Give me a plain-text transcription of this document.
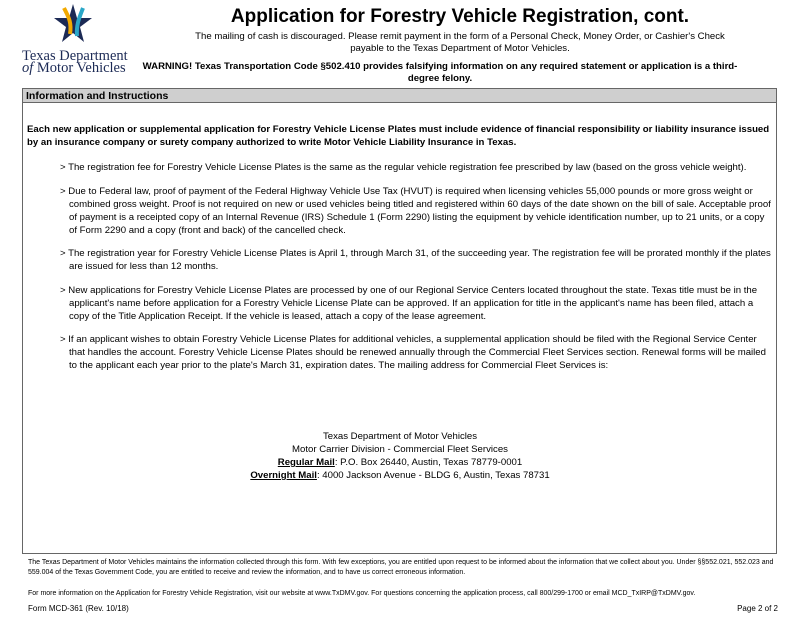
Texas Department
of Motor Vehicles
Application for Forestry Vehicle Registration, cont.
The mailing of cash is discouraged. Please remit payment in the form of a Personal Check, Money Order, or Cashier's Check payable to the Texas Department of Motor Vehicles.
WARNING! Texas Transportation Code §502.410 provides falsifying information on any required statement or application is a third-degree felony.
Information and Instructions
Each new application or supplemental application for Forestry Vehicle License Plates must include evidence of financial responsibility or liability insurance issued by an insurance company or surety company authorized to write Motor Vehicle Liability Insurance in Texas.
> The registration fee for Forestry Vehicle License Plates is the same as the regular vehicle registration fee prescribed by law (based on the gross vehicle weight).
> Due to Federal law, proof of payment of the Federal Highway Vehicle Use Tax (HVUT) is required when licensing vehicles 55,000 pounds or more gross weight or combined gross weight. Proof is not required on new or used vehicles being titled and registered within 60 days of the date shown on the bill of sale. Acceptable proof of payment is a receipted copy of an Internal Revenue (IRS) Schedule 1 (Form 2290) listing the equipment by vehicle identification number, up to 21 units, or a copy of Form 2290 and a copy (front and back) of the cancelled check.
> The registration year for Forestry Vehicle License Plates is April 1, through March 31, of the succeeding year. The registration fee will be prorated monthly if the plates are issued for less than 12 months.
> New applications for Forestry Vehicle License Plates are processed by one of our Regional Service Centers located throughout the state. Texas title must be in the applicant's name before application for a Forestry Vehicle License Plate can be approved. If an application for title in the applicant's name has been filed, attach a copy of the Title Application Receipt. If the vehicle is leased, attach a copy of the lease agreement.
> If an applicant wishes to obtain Forestry Vehicle License Plates for additional vehicles, a supplemental application should be filed with the Regional Service Center that handles the account. Forestry Vehicle License Plates should be renewed annually through the Commercial Fleet Services section. Renewal forms will be mailed to the applicant each year prior to the plate's March 31, expiration dates. The mailing address for Commercial Fleet Services is:
Texas Department of Motor Vehicles
Motor Carrier Division - Commercial Fleet Services
Regular Mail: P.O. Box 26440, Austin, Texas 78779-0001
Overnight Mail: 4000 Jackson Avenue - BLDG 6, Austin, Texas 78731
The Texas Department of Motor Vehicles maintains the information collected through this form. With few exceptions, you are entitled upon request to be informed about the information that we collect about you. Under §§552.021, 552.023 and 559.004 of the Texas Government Code, you are entitled to receive and review the information, and to have us correct erroneous information.
For more information on the Application for Forestry Vehicle Registration, visit our website at www.TxDMV.gov. For questions concerning the application process, call 800/299-1700 or email MCD_TxIRP@TxDMV.gov.
Form MCD-361 (Rev. 10/18)	Page 2 of 2
